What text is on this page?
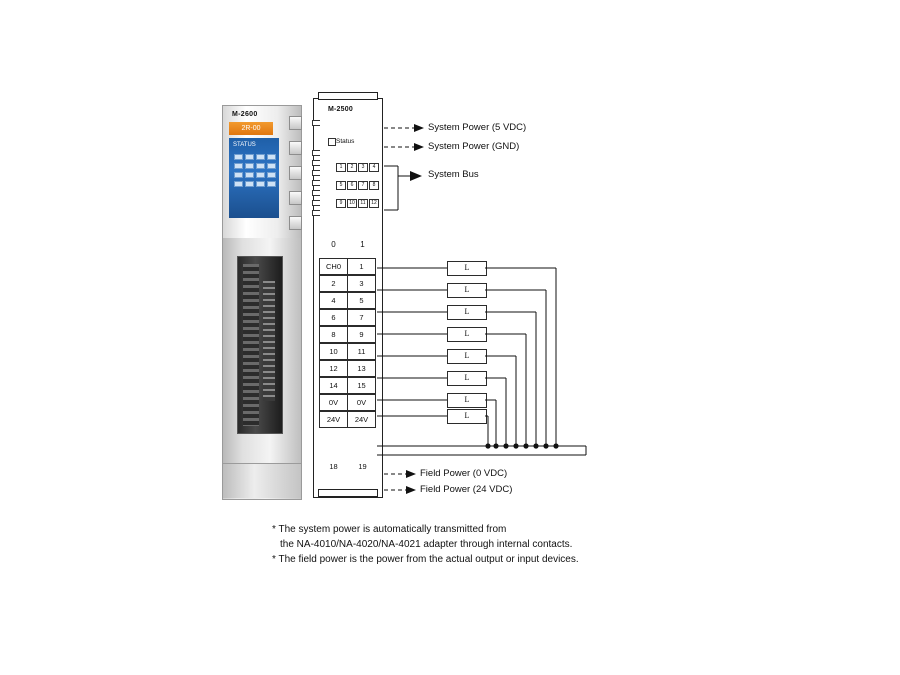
M-2600
2R-00
STATUS
M-2500
Status
1	2	3	4
5	6	7	8
9	10	11	12
0	1
CH0	1
2	3
4	5
6	7
8	9
10	11
12	13
14	15
0V	0V
24V	24V
18	19
L
L
L
L
L
L
L
L
System Power (5 VDC)
System Power (GND)
System Bus
Field Power (0 VDC)
Field Power (24 VDC)
* The system power is automatically transmitted from
the NA-4010/NA-4020/NA-4021 adapter through internal contacts.
* The field power is the power from the actual output or input devices.
